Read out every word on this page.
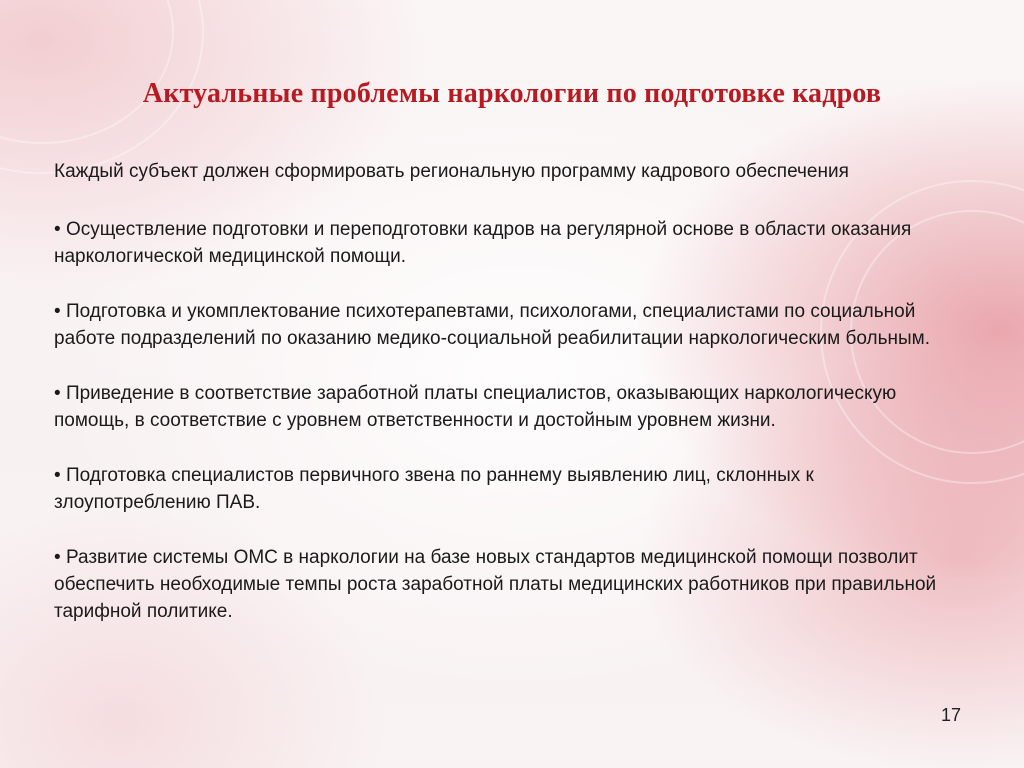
Актуальные проблемы наркологии по подготовке кадров

Каждый субъект должен сформировать региональную программу кадрового обеспечения

• Осуществление подготовки и переподготовки кадров на регулярной основе в области оказания наркологической медицинской помощи.

• Подготовка и укомплектование психотерапевтами, психологами, специалистами по социальной работе подразделений по оказанию медико-социальной реабилитации наркологическим больным.

• Приведение в соответствие заработной платы специалистов, оказывающих наркологическую помощь, в соответствие с уровнем ответственности и достойным уровнем жизни.

• Подготовка специалистов первичного звена по раннему выявлению лиц, склонных к злоупотреблению ПАВ.

• Развитие системы ОМС в наркологии на базе новых стандартов медицинской помощи позволит обеспечить необходимые темпы роста заработной платы медицинских работников при правильной тарифной политике.

17
